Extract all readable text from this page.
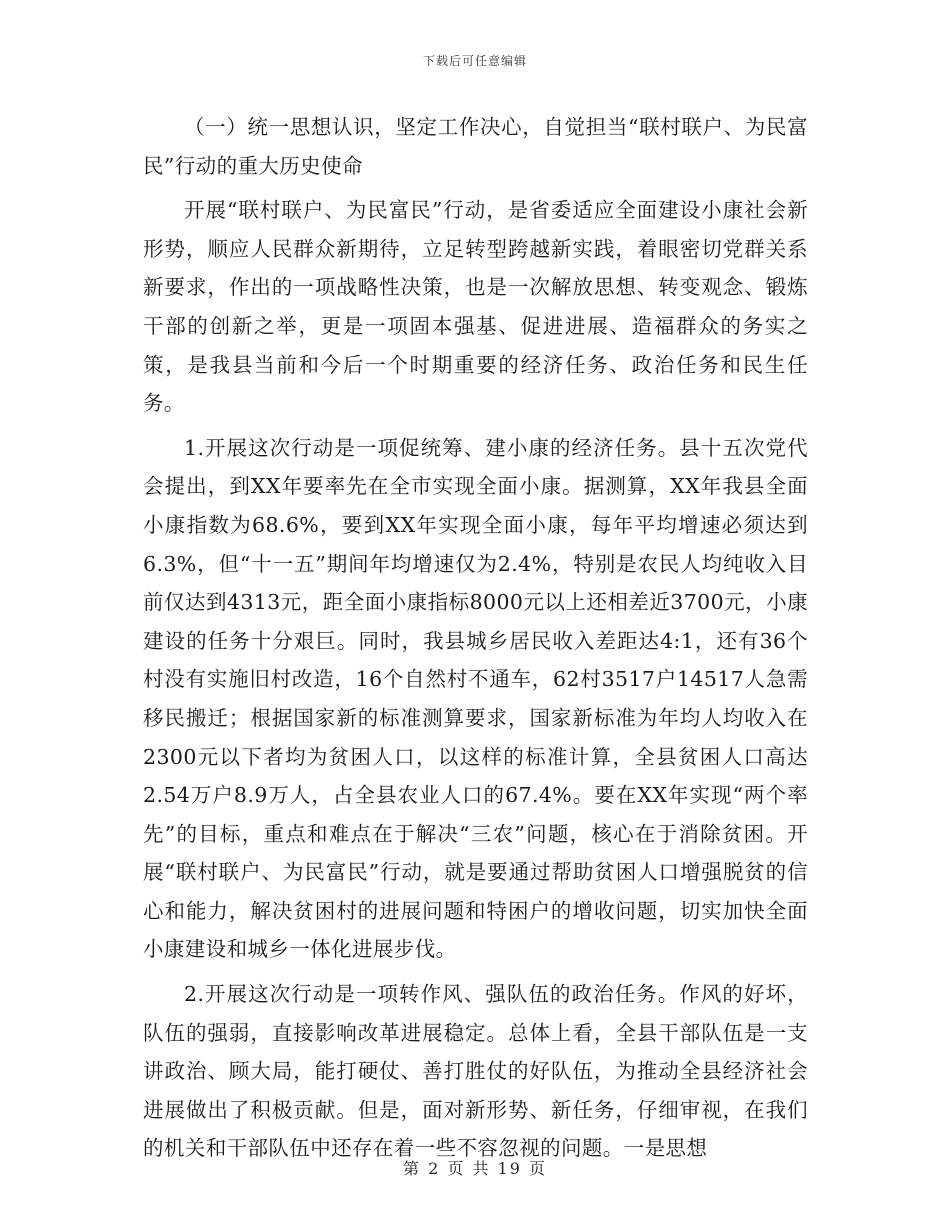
下载后可任意编辑

（一）统一思想认识，坚定工作决心，自觉担当“联村联户、为民富民”行动的重大历史使命

开展“联村联户、为民富民”行动，是省委适应全面建设小康社会新形势，顺应人民群众新期待，立足转型跨越新实践，着眼密切党群关系新要求，作出的一项战略性决策，也是一次解放思想、转变观念、锻炼干部的创新之举，更是一项固本强基、促进进展、造福群众的务实之策，是我县当前和今后一个时期重要的经济任务、政治任务和民生任务。

1.开展这次行动是一项促统筹、建小康的经济任务。县十五次党代会提出，到XX年要率先在全市实现全面小康。据测算，XX年我县全面小康指数为68.6%，要到XX年实现全面小康，每年平均增速必须达到6.3%，但“十一五”期间年均增速仅为2.4%，特别是农民人均纯收入目前仅达到4313元，距全面小康指标8000元以上还相差近3700元，小康建设的任务十分艰巨。同时，我县城乡居民收入差距达4:1，还有36个村没有实施旧村改造，16个自然村不通车，62村3517户14517人急需移民搬迁；根据国家新的标准测算要求，国家新标准为年均人均收入在2300元以下者均为贫困人口，以这样的标准计算，全县贫困人口高达2.54万户8.9万人，占全县农业人口的67.4%。要在XX年实现“两个率先”的目标，重点和难点在于解决“三农”问题，核心在于消除贫困。开展“联村联户、为民富民”行动，就是要通过帮助贫困人口增强脱贫的信心和能力，解决贫困村的进展问题和特困户的增收问题，切实加快全面小康建设和城乡一体化进展步伐。

2.开展这次行动是一项转作风、强队伍的政治任务。作风的好坏，队伍的强弱，直接影响改革进展稳定。总体上看，全县干部队伍是一支讲政治、顾大局，能打硬仗、善打胜仗的好队伍，为推动全县经济社会进展做出了积极贡献。但是，面对新形势、新任务，仔细审视，在我们的机关和干部队伍中还存在着一些不容忽视的问题。一是思想

第 2 页 共 19 页
